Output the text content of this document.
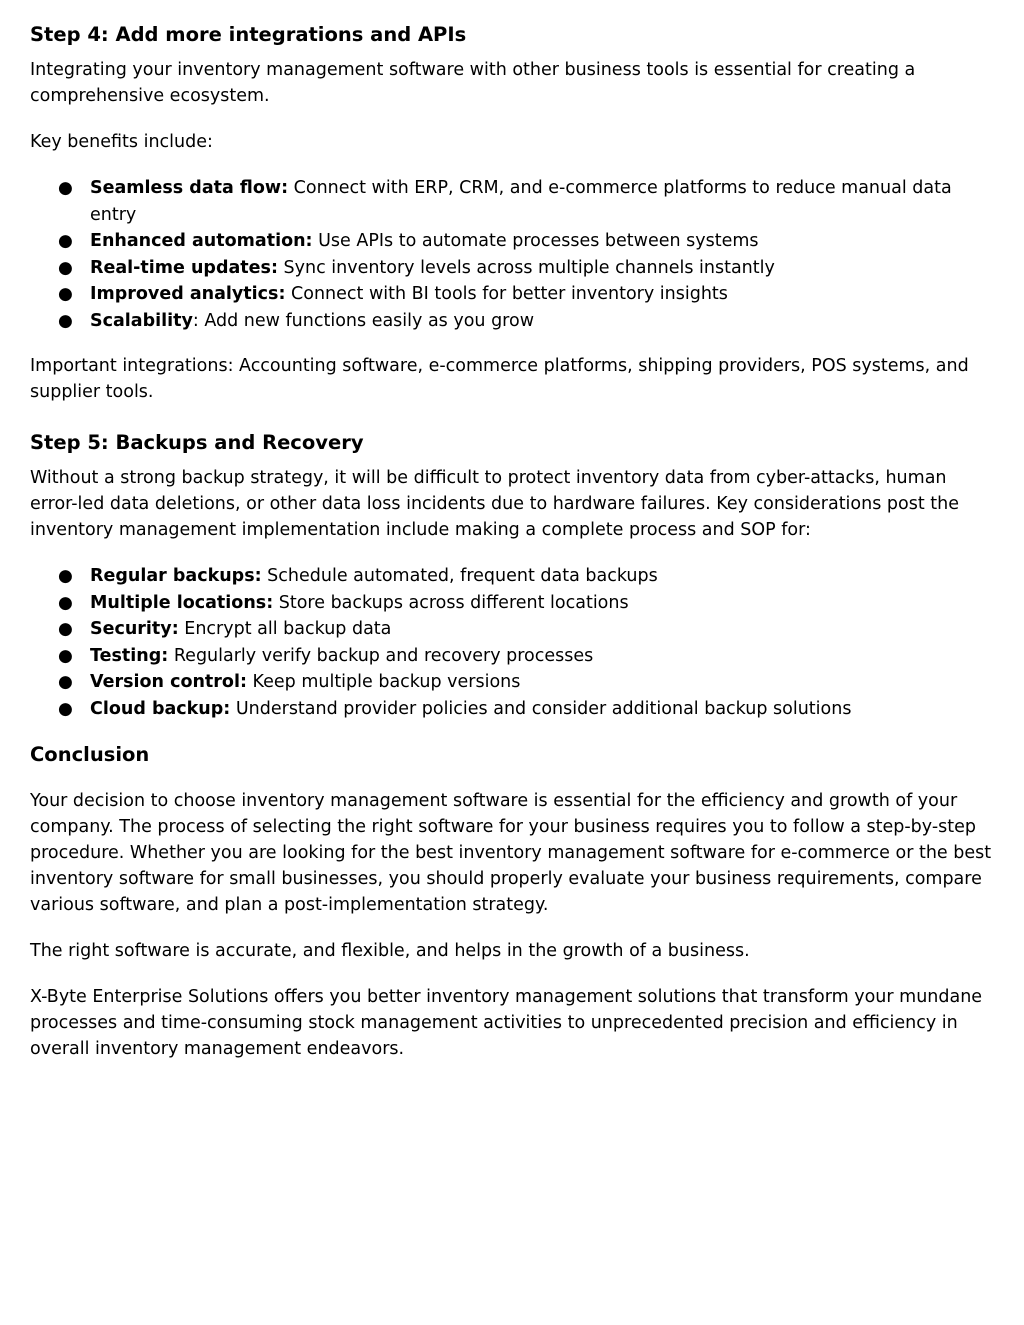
Step 4: Add more integrations and APIs

Integrating your inventory management software with other business tools is essential for creating a comprehensive ecosystem.

Key benefits include:

● Seamless data flow: Connect with ERP, CRM, and e-commerce platforms to reduce manual data entry
● Enhanced automation: Use APIs to automate processes between systems
● Real-time updates: Sync inventory levels across multiple channels instantly
● Improved analytics: Connect with BI tools for better inventory insights
● Scalability: Add new functions easily as you grow

Important integrations: Accounting software, e-commerce platforms, shipping providers, POS systems, and supplier tools.

Step 5: Backups and Recovery

Without a strong backup strategy, it will be difficult to protect inventory data from cyber-attacks, human error-led data deletions, or other data loss incidents due to hardware failures. Key considerations post the inventory management implementation include making a complete process and SOP for:

● Regular backups: Schedule automated, frequent data backups
● Multiple locations: Store backups across different locations
● Security: Encrypt all backup data
● Testing: Regularly verify backup and recovery processes
● Version control: Keep multiple backup versions
● Cloud backup: Understand provider policies and consider additional backup solutions
Conclusion

Your decision to choose inventory management software is essential for the efficiency and growth of your company. The process of selecting the right software for your business requires you to follow a step-by-step procedure. Whether you are looking for the best inventory management software for e-commerce or the best inventory software for small businesses, you should properly evaluate your business requirements, compare various software, and plan a post-implementation strategy.

The right software is accurate, and flexible, and helps in the growth of a business.

X-Byte Enterprise Solutions offers you better inventory management solutions that transform your mundane processes and time-consuming stock management activities to unprecedented precision and efficiency in overall inventory management endeavors.
